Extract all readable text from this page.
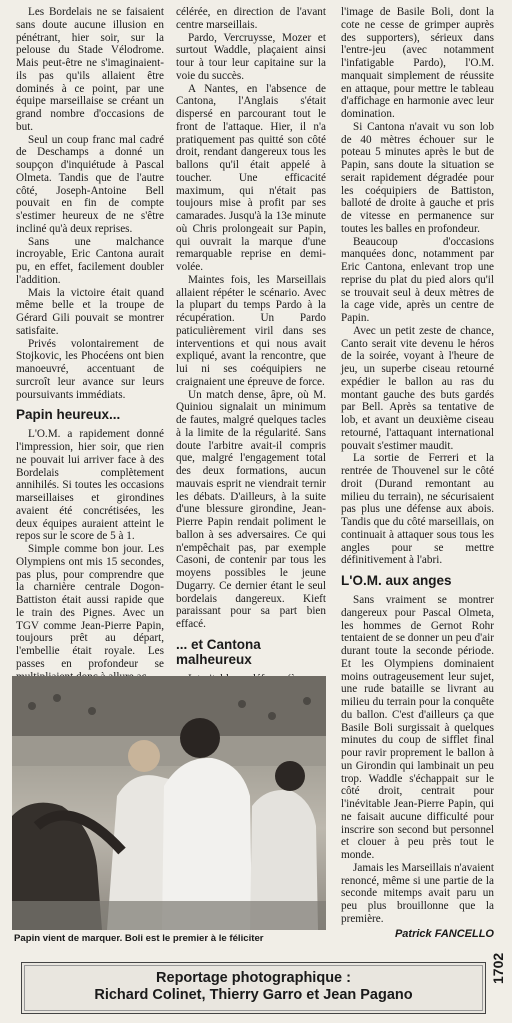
Les Bordelais ne se faisaient sans doute aucune illusion en pénétrant, hier soir, sur la pelouse du Stade Vélodrome. Mais peut-être ne s'imaginaient-ils pas qu'ils allaient être dominés à ce point, par une équipe marseillaise se créant un grand nombre d'occasions de but.

Seul un coup franc mal cadré de Deschamps a donné un soupçon d'inquiétude à Pascal Olmeta. Tandis que de l'autre côté, Joseph-Antoine Bell pouvait en fin de compte s'estimer heureux de ne s'être incliné qu'à deux reprises.

Sans une malchance incroyable, Eric Cantona aurait pu, en effet, facilement doubler l'addition.

Mais la victoire était quand même belle et la troupe de Gérard Gili pouvait se montrer satisfaite.

Privés volontairement de Stojkovic, les Phocéens ont bien manoeuvré, accentuant de surcroît leur avance sur leurs poursuivants immédiats.

Papin heureux...

L'O.M. a rapidement donné l'impression, hier soir, que rien ne pouvait lui arriver face à des Bordelais complètement annihilés. Si toutes les occasions marseillaises et girondines avaient été concrétisées, les deux équipes auraient atteint le repos sur le score de 5 à 1.

Simple comme bon jour. Les Olympiens ont mis 15 secondes, pas plus, pour comprendre que la charnière centrale Dogon-Battiston était aussi rapide que le train des Pignes. Avec un TGV comme Jean-Pierre Papin, toujours prêt au départ, l'embellie était royale. Les passes en profondeur se

célérée, en direction de l'avant centre marseillais.

Pardo, Vercruysse, Mozer et surtout Waddle, plaçaient ainsi tour à tour leur capitaine sur la voie du succès.

A Nantes, en l'absence de Cantona, l'Anglais s'était dispersé en parcourant tout le front de l'attaque. Hier, il n'a pratiquement pas quitté son côté droit, rendant dangereux tous les ballons qu'il était appelé à toucher. Une efficacité maximum, qui n'était pas toujours mise à profit par ses camarades. Jusqu'à la 13e minute où Chris prolongeait sur Papin, qui ouvrait la marque d'une remarquable reprise en demi-volée.

Maintes fois, les Marseillais allaient répéter le scénario. Avec la plupart du temps Pardo à la récupération. Un Pardo paticulièrement viril dans ses interventions et qui nous avait expliqué, avant la rencontre, que lui ni ses coéquipiers ne craignaient une épreuve de force.

Un match dense, âpre, où M. Quiniou signalait un minimum de fautes, malgré quelques tacles à la limite de la régularité. Sans doute l'arbitre avait-il compris que, malgré l'engagement total des deux formations, aucun mauvais esprit ne viendrait ternir les débats. D'ailleurs, à la suite d'une blessure girondine, Jean-Pierre Papin rendait poliment le ballon à ses adversaires. Ce qui n'empêchait pas, par exemple Casoni, de contenir par tous les moyens possibles le jeune Dugarry. Ce dernier étant le seul bordelais dangereux. Kieft paraissant pour sa part bien effacé.

... et Cantona malheureux

l'image de Basile Boli, dont la cote ne cesse de grimper auprès des supporters), sérieux dans l'entre-jeu (avec notamment l'infatigable Pardo), l'O.M. manquait simplement de réussite en attaque, pour mettre le tableau d'affichage en harmonie avec leur domination.

Si Cantona n'avait vu son lob de 40 mètres échouer sur le poteau 5 minutes après le but de Papin, sans doute la situation se serait rapidement dégradée pour les coéquipiers de Battiston, balloté de droite à gauche et pris de vitesse en permanence sur toutes les balles en profondeur.

Beaucoup d'occasions manquées donc, notamment par Eric Cantona, enlevant trop une reprise du plat du pied alors qu'il se trouvait seul à deux mètres de la cage vide, après un centre de Papin.

Avec un petit zeste de chance, Canto serait vite devenu le héros de la soirée, voyant à l'heure de jeu, un superbe ciseau retourné expédier le ballon au ras du montant gauche des buts gardés par Bell. Après sa tentative de lob, et avant un deuxième ciseau retourné, l'attaquant international pouvait s'estimer maudit.

La sortie de Ferreri et la rentrée de Thouvenel sur le côté droit (Durand remontant au milieu du terrain), ne sécurisaient pas plus une défense aux abois. Tandis que du côté marseillais, on continuait à attaquer sous tous les angles pour se mettre définitivement à l'abri.

L'O.M. aux anges

Sans vraiment se montrer dangereux pour Pascal Olmeta, les hommes de Gernot Rohr tentaient de se donner un peu d'air durant toute la seconde période. Et les Olympiens dominaient moins outrageusement leur sujet, une rude bataille se livrant au milieu du terrain pour la conquête du ballon. C'est d'ailleurs ça que Basile Boli surgissait à quelques minutes du coup de sifflet final pour ravir proprement le ballon à un Girondin qui lambinait un peu trop. Waddle s'échappait sur le côté droit, centrait pour l'inévitable Jean-Pierre Papin, qui ne faisait aucune difficulté pour inscrire son second but personnel et clouer à peu près tout le monde.

Jamais les Marseillais n'avaient renoncé, même si une partie de la seconde mitemps avait paru un peu plus brouillonne que la première.

Patrick FANCELLO
Papin vient de marquer. Boli est le premier à le féliciter
Reportage photographique :
Richard Colinet, Thierry Garro et Jean Pagano
1702
